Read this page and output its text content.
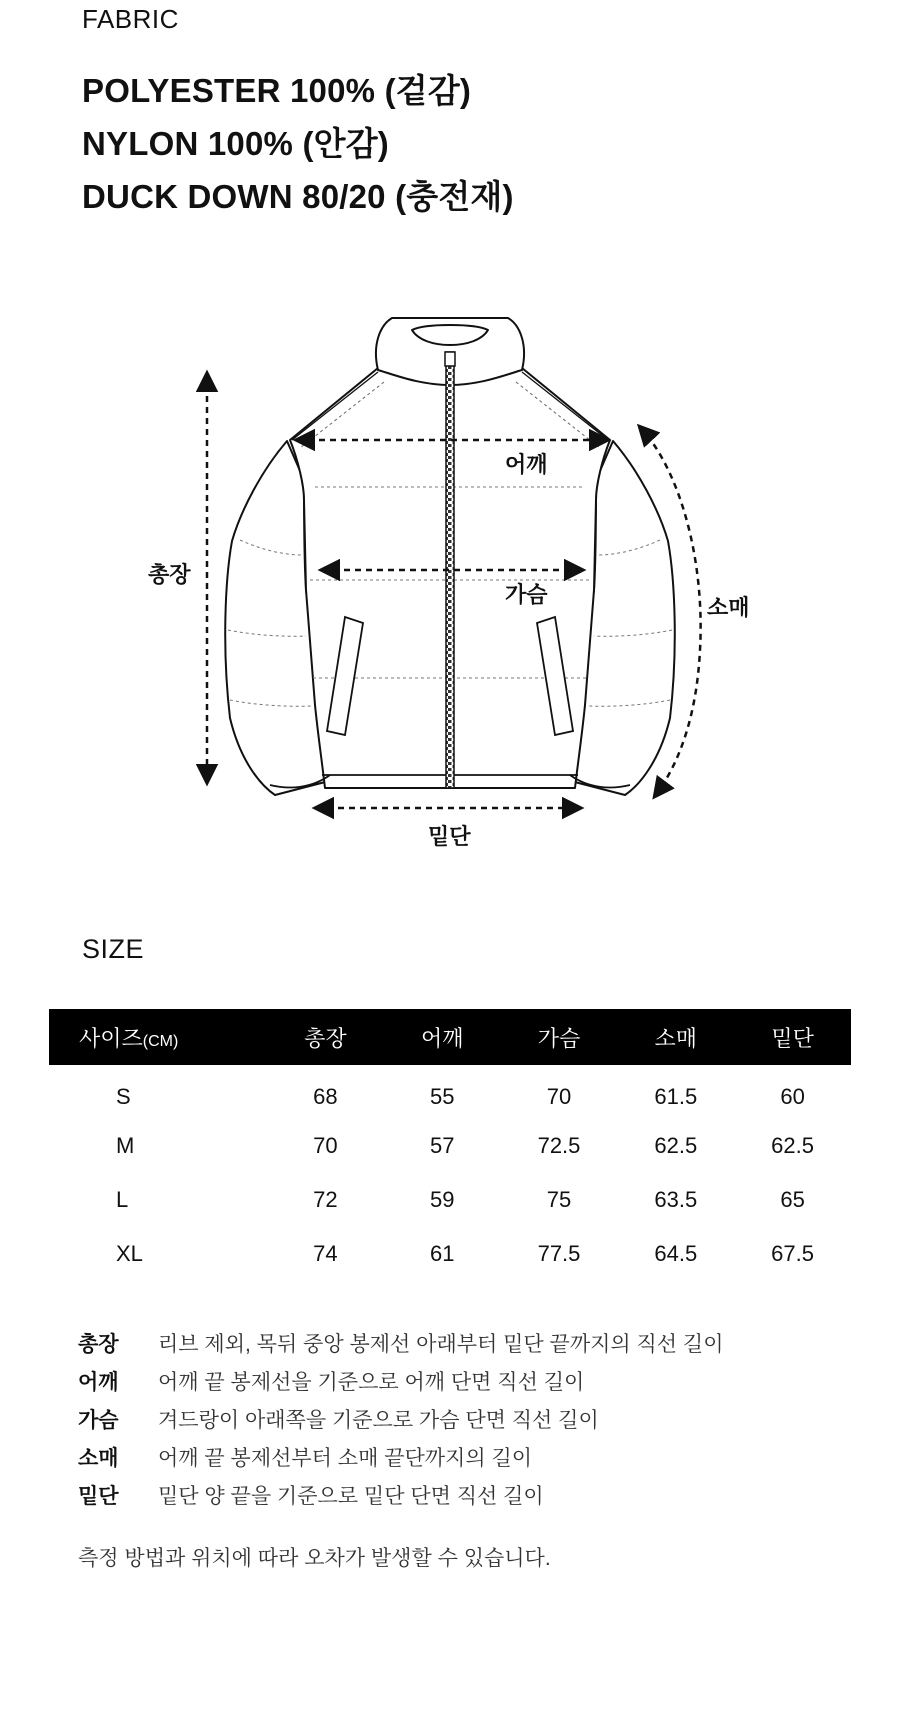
FABRIC
POLYESTER 100% (겉감)
NYLON 100% (안감)
DUCK DOWN 80/20 (충전재)
총장
어깨
가슴
소매
밑단
SIZE
사이즈(CM)	총장	어깨	가슴	소매	밑단
S	68	55	70	61.5	60
M	70	57	72.5	62.5	62.5
L	72	59	75	63.5	65
XL	74	61	77.5	64.5	67.5
총장	리브 제외, 목뒤 중앙 봉제선 아래부터 밑단 끝까지의 직선 길이
어깨	어깨 끝 봉제선을 기준으로 어깨 단면 직선 길이
가슴	겨드랑이 아래쪽을 기준으로 가슴 단면 직선 길이
소매	어깨 끝 봉제선부터 소매 끝단까지의 길이
밑단	밑단 양 끝을 기준으로 밑단 단면 직선 길이
측정 방법과 위치에 따라 오차가 발생할 수 있습니다.
